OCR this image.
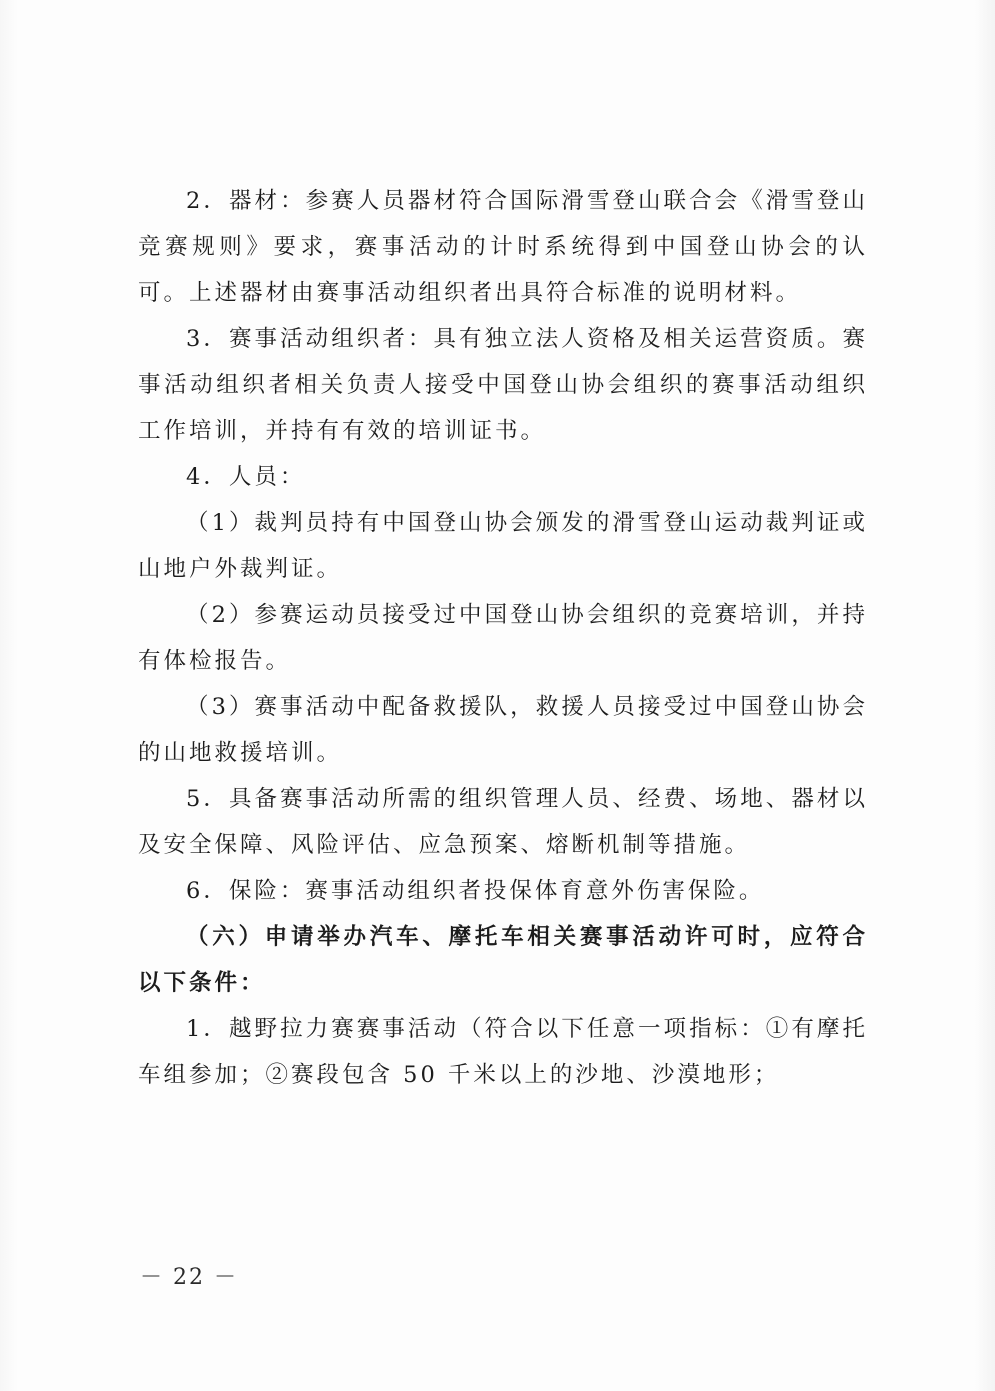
2．器材：参赛人员器材符合国际滑雪登山联合会《滑雪登山竞赛规则》要求，赛事活动的计时系统得到中国登山协会的认可。上述器材由赛事活动组织者出具符合标准的说明材料。

3．赛事活动组织者：具有独立法人资格及相关运营资质。赛事活动组织者相关负责人接受中国登山协会组织的赛事活动组织工作培训，并持有有效的培训证书。

4．人员：

（1）裁判员持有中国登山协会颁发的滑雪登山运动裁判证或山地户外裁判证。

（2）参赛运动员接受过中国登山协会组织的竞赛培训，并持有体检报告。

（3）赛事活动中配备救援队，救援人员接受过中国登山协会的山地救援培训。

5．具备赛事活动所需的组织管理人员、经费、场地、器材以及安全保障、风险评估、应急预案、熔断机制等措施。

6．保险：赛事活动组织者投保体育意外伤害保险。

（六）申请举办汽车、摩托车相关赛事活动许可时，应符合以下条件：

1．越野拉力赛赛事活动（符合以下任意一项指标：①有摩托车组参加；②赛段包含 50 千米以上的沙地、沙漠地形；

－ 22 －
